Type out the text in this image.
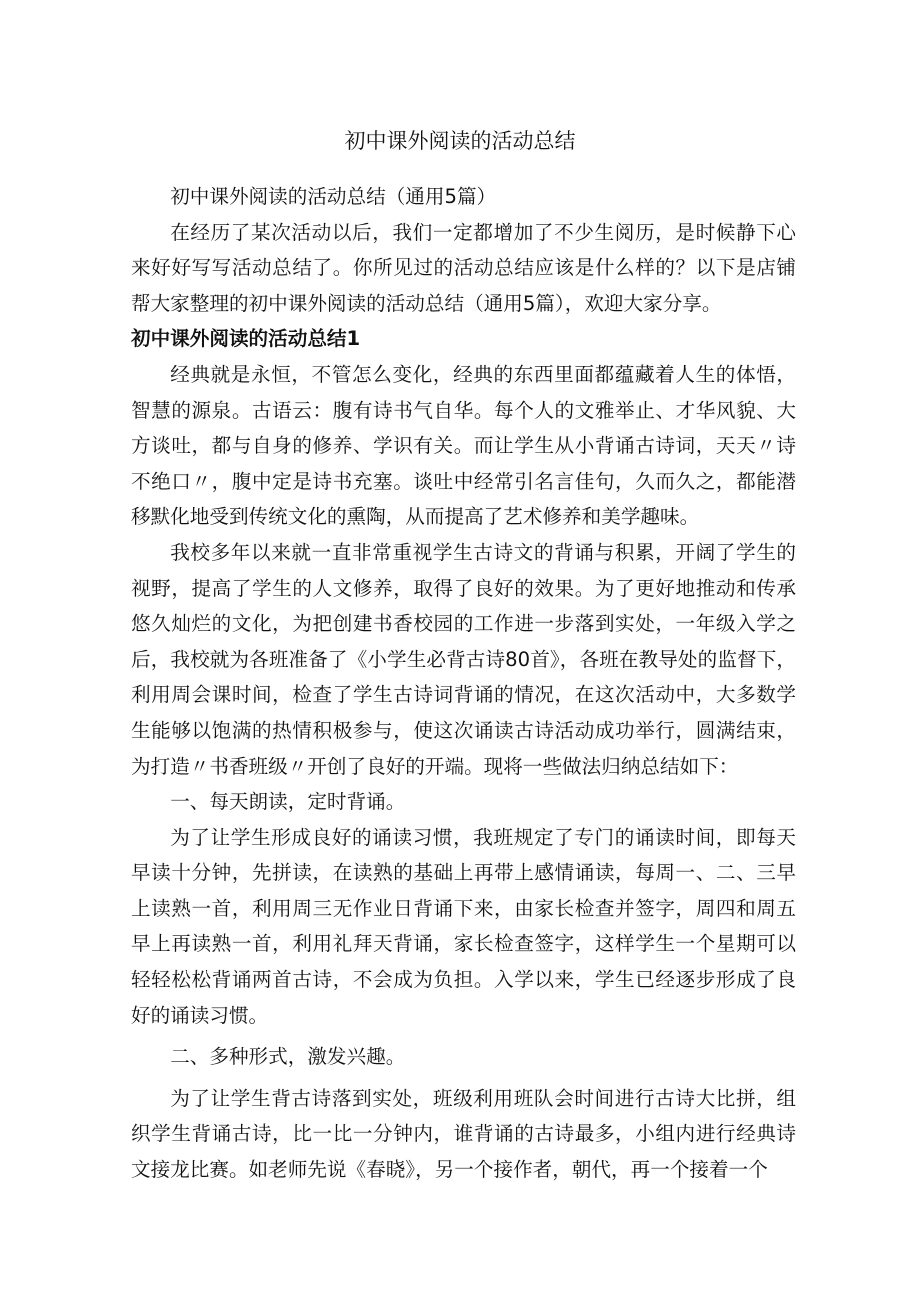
初中课外阅读的活动总结

初中课外阅读的活动总结（通用5篇）

在经历了某次活动以后，我们一定都增加了不少生阅历，是时候静下心来好好写写活动总结了。你所见过的活动总结应该是什么样的？以下是店铺帮大家整理的初中课外阅读的活动总结（通用5篇），欢迎大家分享。

初中课外阅读的活动总结1

经典就是永恒，不管怎么变化，经典的东西里面都蕴藏着人生的体悟，智慧的源泉。古语云：腹有诗书气自华。每个人的文雅举止、才华风貌、大方谈吐，都与自身的修养、学识有关。而让学生从小背诵古诗词，天天〃诗不绝口〃，腹中定是诗书充塞。谈吐中经常引名言佳句，久而久之，都能潜移默化地受到传统文化的熏陶，从而提高了艺术修养和美学趣味。

我校多年以来就一直非常重视学生古诗文的背诵与积累，开阔了学生的视野，提高了学生的人文修养，取得了良好的效果。为了更好地推动和传承悠久灿烂的文化，为把创建书香校园的工作进一步落到实处，一年级入学之后，我校就为各班准备了《小学生必背古诗80首》，各班在教导处的监督下，利用周会课时间，检查了学生古诗词背诵的情况，在这次活动中，大多数学生能够以饱满的热情积极参与，使这次诵读古诗活动成功举行，圆满结束，为打造〃书香班级〃开创了良好的开端。现将一些做法归纳总结如下：

一、每天朗读，定时背诵。

为了让学生形成良好的诵读习惯，我班规定了专门的诵读时间，即每天早读十分钟，先拼读，在读熟的基础上再带上感情诵读，每周一、二、三早上读熟一首，利用周三无作业日背诵下来，由家长检查并签字，周四和周五早上再读熟一首，利用礼拜天背诵，家长检查签字，这样学生一个星期可以轻轻松松背诵两首古诗，不会成为负担。入学以来，学生已经逐步形成了良好的诵读习惯。

二、多种形式，激发兴趣。

为了让学生背古诗落到实处，班级利用班队会时间进行古诗大比拼，组织学生背诵古诗，比一比一分钟内，谁背诵的古诗最多，小组内进行经典诗文接龙比赛。如老师先说《春晓》，另一个接作者，朝代，再一个接着一个
